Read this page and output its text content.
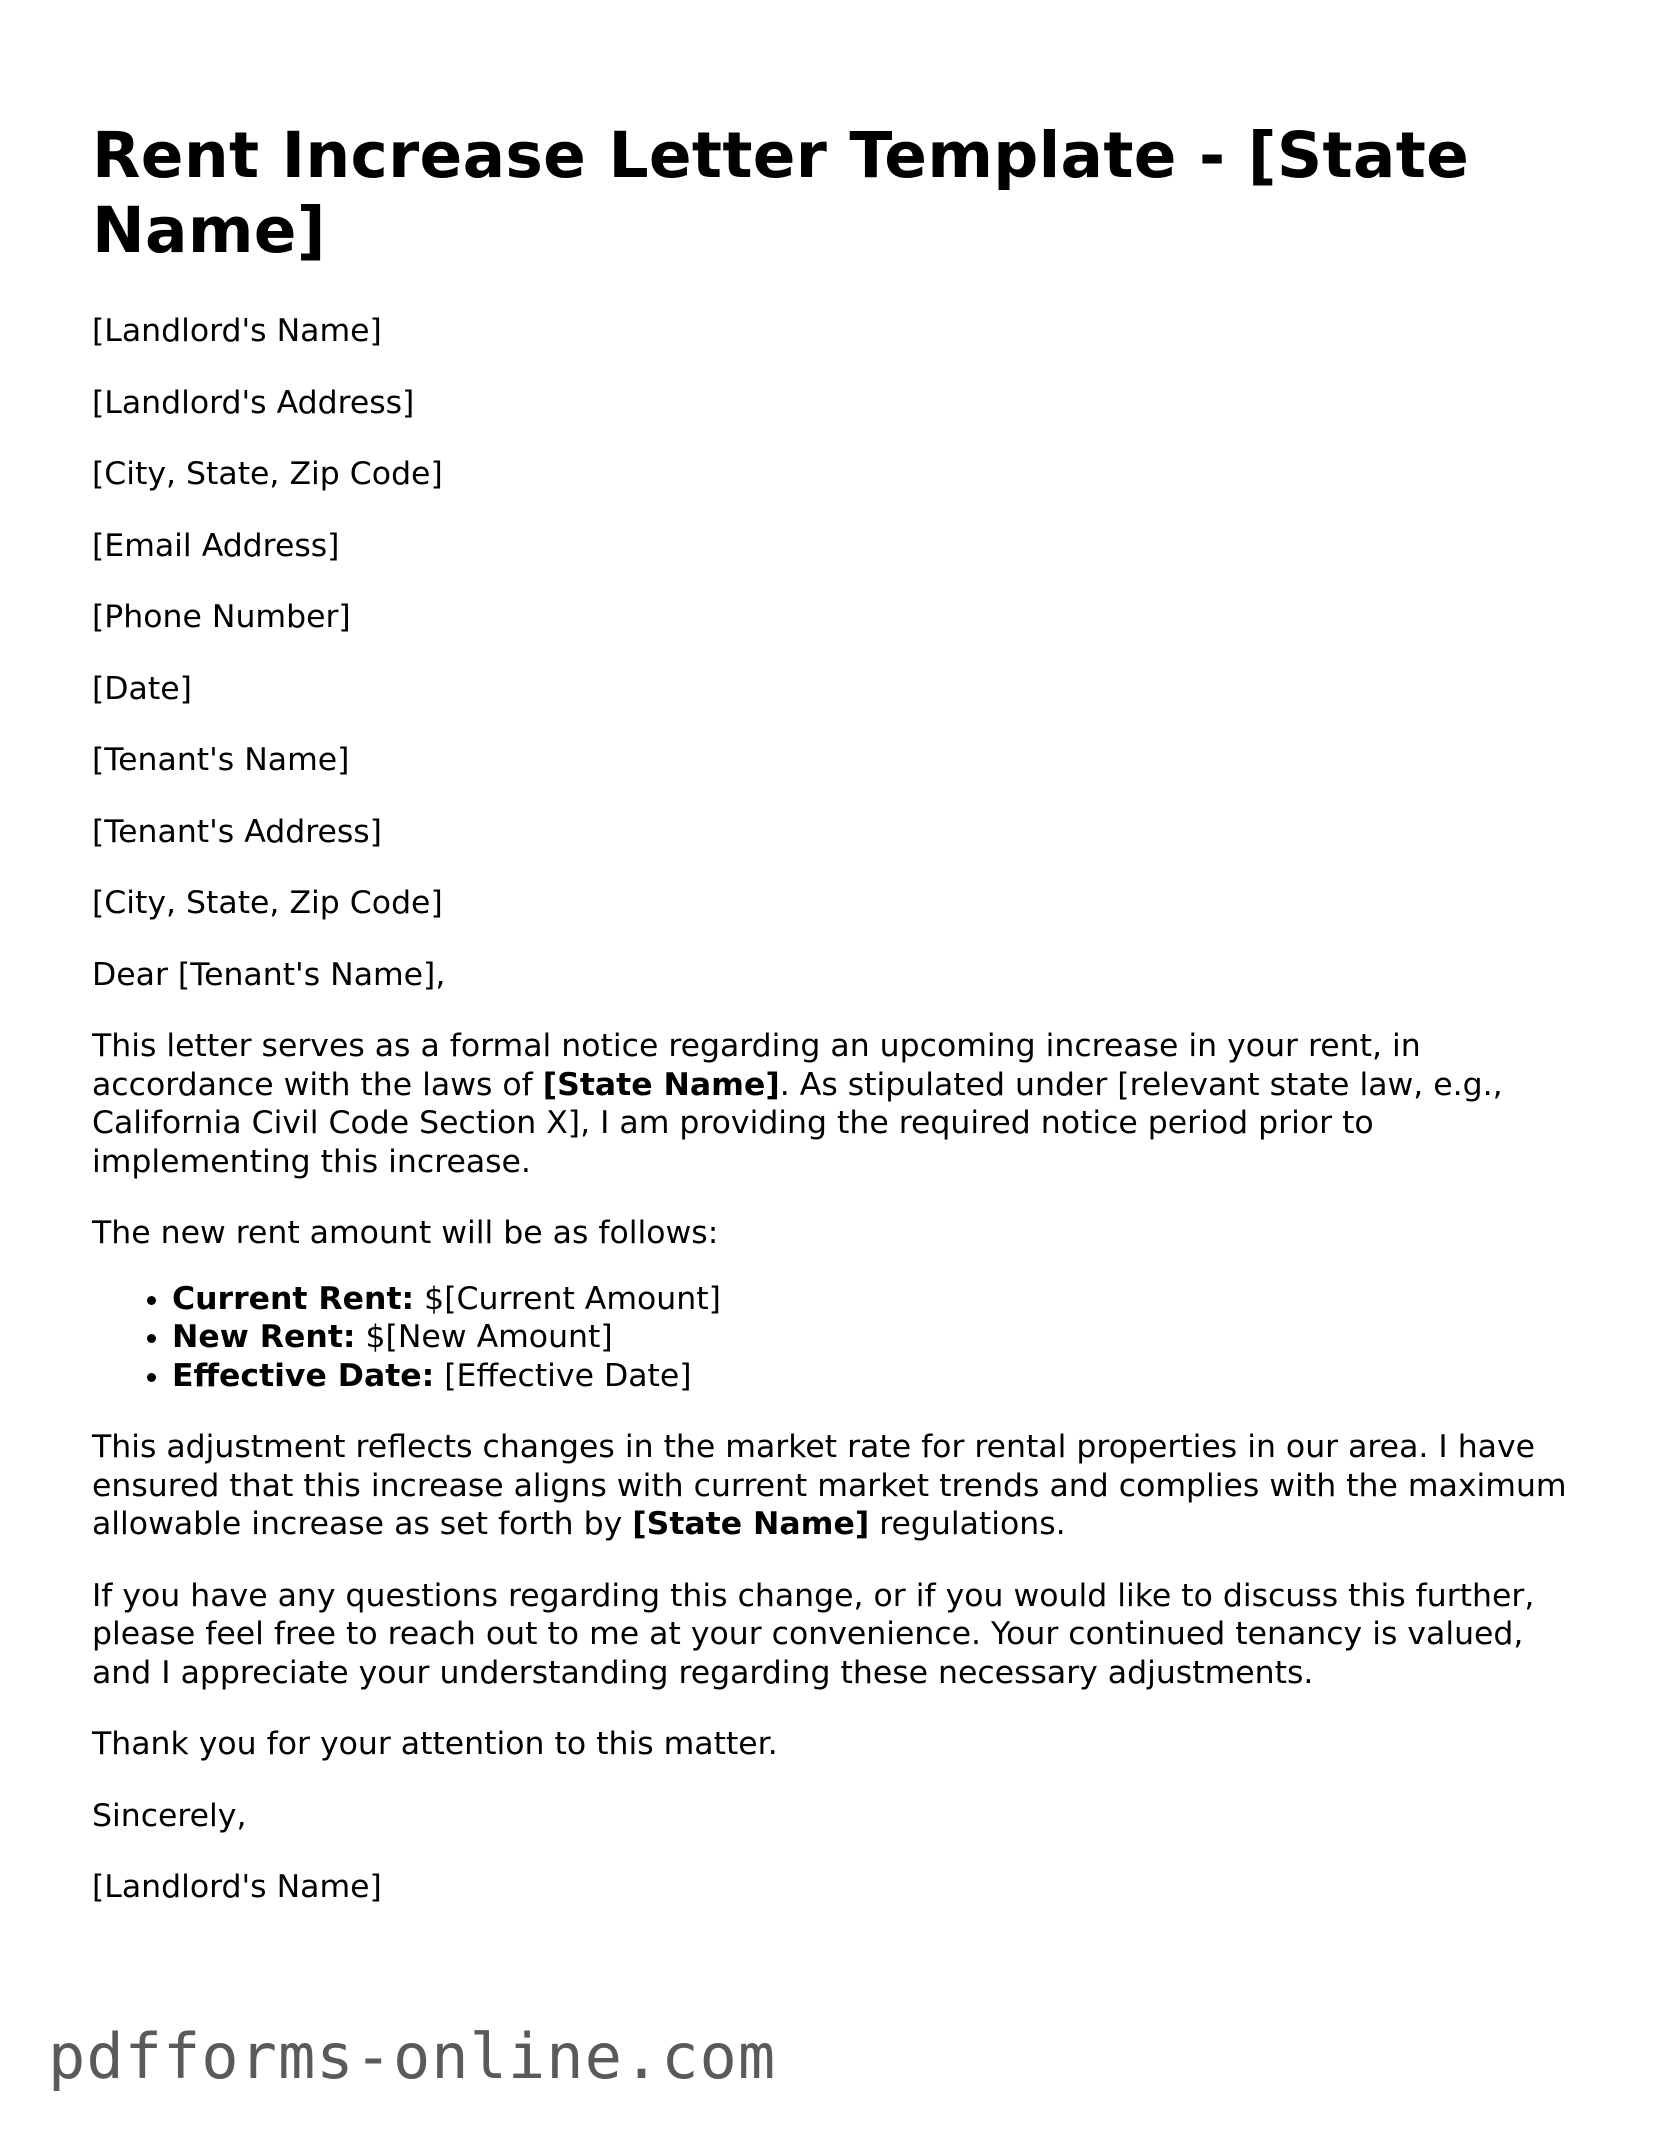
Rent Increase Letter Template - [State Name]

[Landlord's Name]

[Landlord's Address]

[City, State, Zip Code]

[Email Address]

[Phone Number]

[Date]

[Tenant's Name]

[Tenant's Address]

[City, State, Zip Code]

Dear [Tenant's Name],

This letter serves as a formal notice regarding an upcoming increase in your rent, in accordance with the laws of [State Name]. As stipulated under [relevant state law, e.g., California Civil Code Section X], I am providing the required notice period prior to implementing this increase.

The new rent amount will be as follows:

• Current Rent: $[Current Amount]
• New Rent: $[New Amount]
• Effective Date: [Effective Date]

This adjustment reflects changes in the market rate for rental properties in our area. I have ensured that this increase aligns with current market trends and complies with the maximum allowable increase as set forth by [State Name] regulations.

If you have any questions regarding this change, or if you would like to discuss this further, please feel free to reach out to me at your convenience. Your continued tenancy is valued, and I appreciate your understanding regarding these necessary adjustments.

Thank you for your attention to this matter.

Sincerely,

[Landlord's Name]

pdfforms-online.com
